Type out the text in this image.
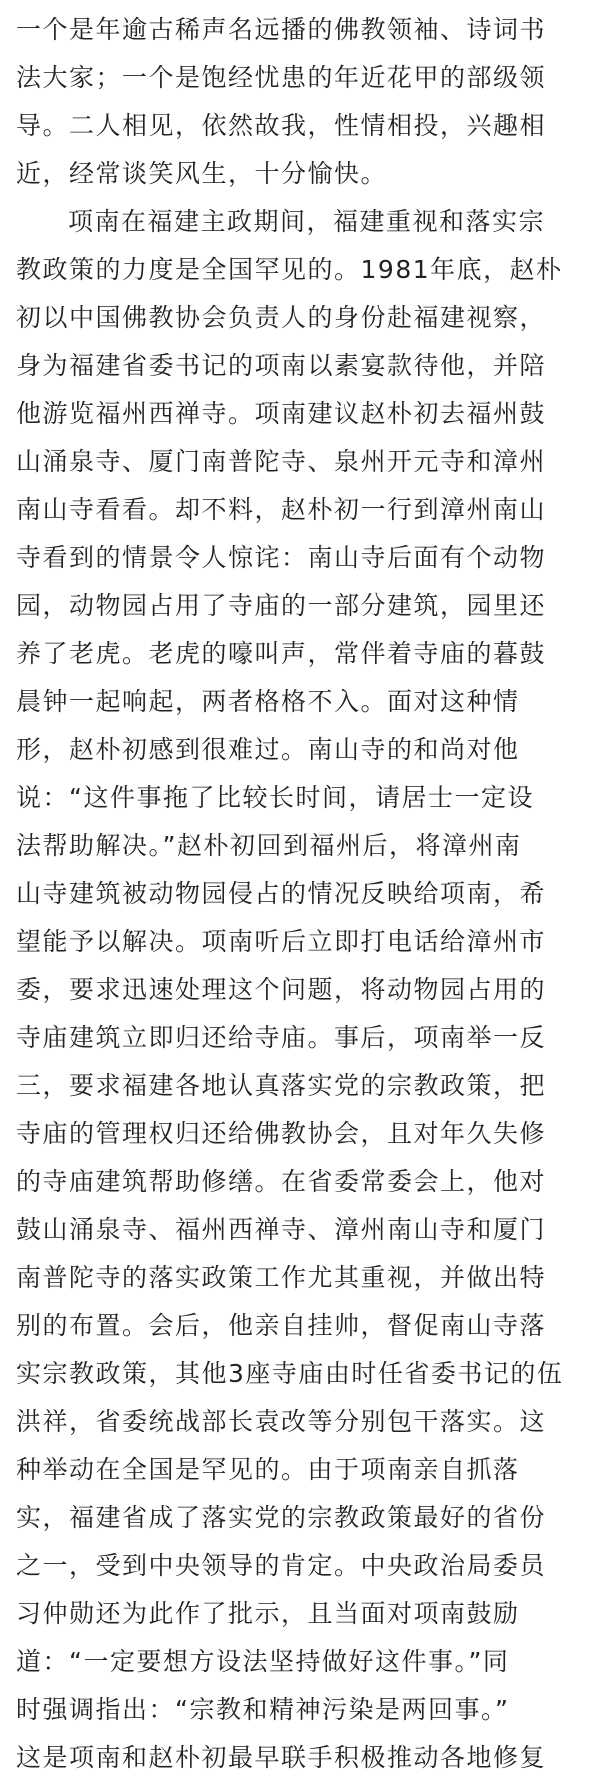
一个是年逾古稀声名远播的佛教领袖、诗词书
法大家；一个是饱经忧患的年近花甲的部级领
导。二人相见，依然故我，性情相投，兴趣相
近，经常谈笑风生，十分愉快。
项南在福建主政期间，福建重视和落实宗
教政策的力度是全国罕见的。1981年底，赵朴
初以中国佛教协会负责人的身份赴福建视察，
身为福建省委书记的项南以素宴款待他，并陪
他游览福州西禅寺。项南建议赵朴初去福州鼓
山涌泉寺、厦门南普陀寺、泉州开元寺和漳州
南山寺看看。却不料，赵朴初一行到漳州南山
寺看到的情景令人惊诧：南山寺后面有个动物
园，动物园占用了寺庙的一部分建筑，园里还
养了老虎。老虎的嚎叫声，常伴着寺庙的暮鼓
晨钟一起响起，两者格格不入。面对这种情
形，赵朴初感到很难过。南山寺的和尚对他
说：“这件事拖了比较长时间，请居士一定设
法帮助解决。”赵朴初回到福州后，将漳州南
山寺建筑被动物园侵占的情况反映给项南，希
望能予以解决。项南听后立即打电话给漳州市
委，要求迅速处理这个问题，将动物园占用的
寺庙建筑立即归还给寺庙。事后，项南举一反
三，要求福建各地认真落实党的宗教政策，把
寺庙的管理权归还给佛教协会，且对年久失修
的寺庙建筑帮助修缮。在省委常委会上，他对
鼓山涌泉寺、福州西禅寺、漳州南山寺和厦门
南普陀寺的落实政策工作尤其重视，并做出特
别的布置。会后，他亲自挂帅，督促南山寺落
实宗教政策，其他3座寺庙由时任省委书记的伍
洪祥，省委统战部长袁改等分别包干落实。这
种举动在全国是罕见的。由于项南亲自抓落
实，福建省成了落实党的宗教政策最好的省份
之一，受到中央领导的肯定。中央政治局委员
习仲勋还为此作了批示，且当面对项南鼓励
道：“一定要想方设法坚持做好这件事。”同
时强调指出：“宗教和精神污染是两回事。”
这是项南和赵朴初最早联手积极推动各地修复
